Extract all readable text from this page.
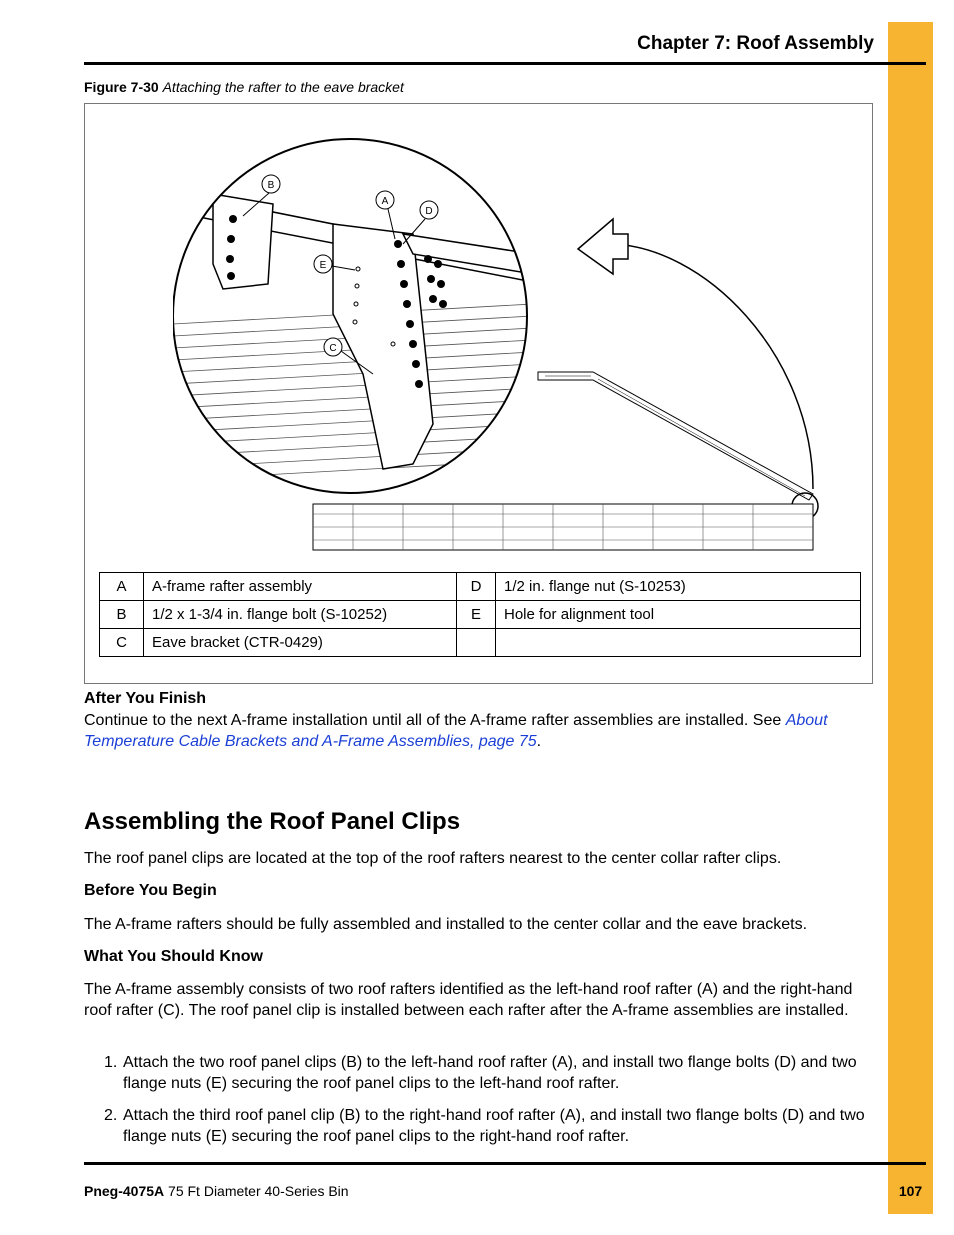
Chapter 7: Roof Assembly
Figure 7-30 Attaching the rafter to the eave bracket
B
A
D
E
C
A	A-frame rafter assembly	D	1/2 in. flange nut (S-10253)
B	1/2 x 1-3/4 in. flange bolt (S-10252)	E	Hole for alignment tool
C	Eave bracket (CTR-0429)		
After You Finish
Continue to the next A-frame installation until all of the A-frame rafter assemblies are installed. See About Temperature Cable Brackets and A-Frame Assemblies, page 75.
Assembling the Roof Panel Clips
The roof panel clips are located at the top of the roof rafters nearest to the center collar rafter clips.
Before You Begin
The A-frame rafters should be fully assembled and installed to the center collar and the eave brackets.
What You Should Know
The A-frame assembly consists of two roof rafters identified as the left-hand roof rafter (A) and the right-hand roof rafter (C). The roof panel clip is installed between each rafter after the A-frame assemblies are installed.
1. Attach the two roof panel clips (B) to the left-hand roof rafter (A), and install two flange bolts (D) and two flange nuts (E) securing the roof panel clips to the left-hand roof rafter.
2. Attach the third roof panel clip (B) to the right-hand roof rafter (A), and install two flange bolts (D) and two flange nuts (E) securing the roof panel clips to the right-hand roof rafter.
Pneg-4075A 75 Ft Diameter 40-Series Bin	107
